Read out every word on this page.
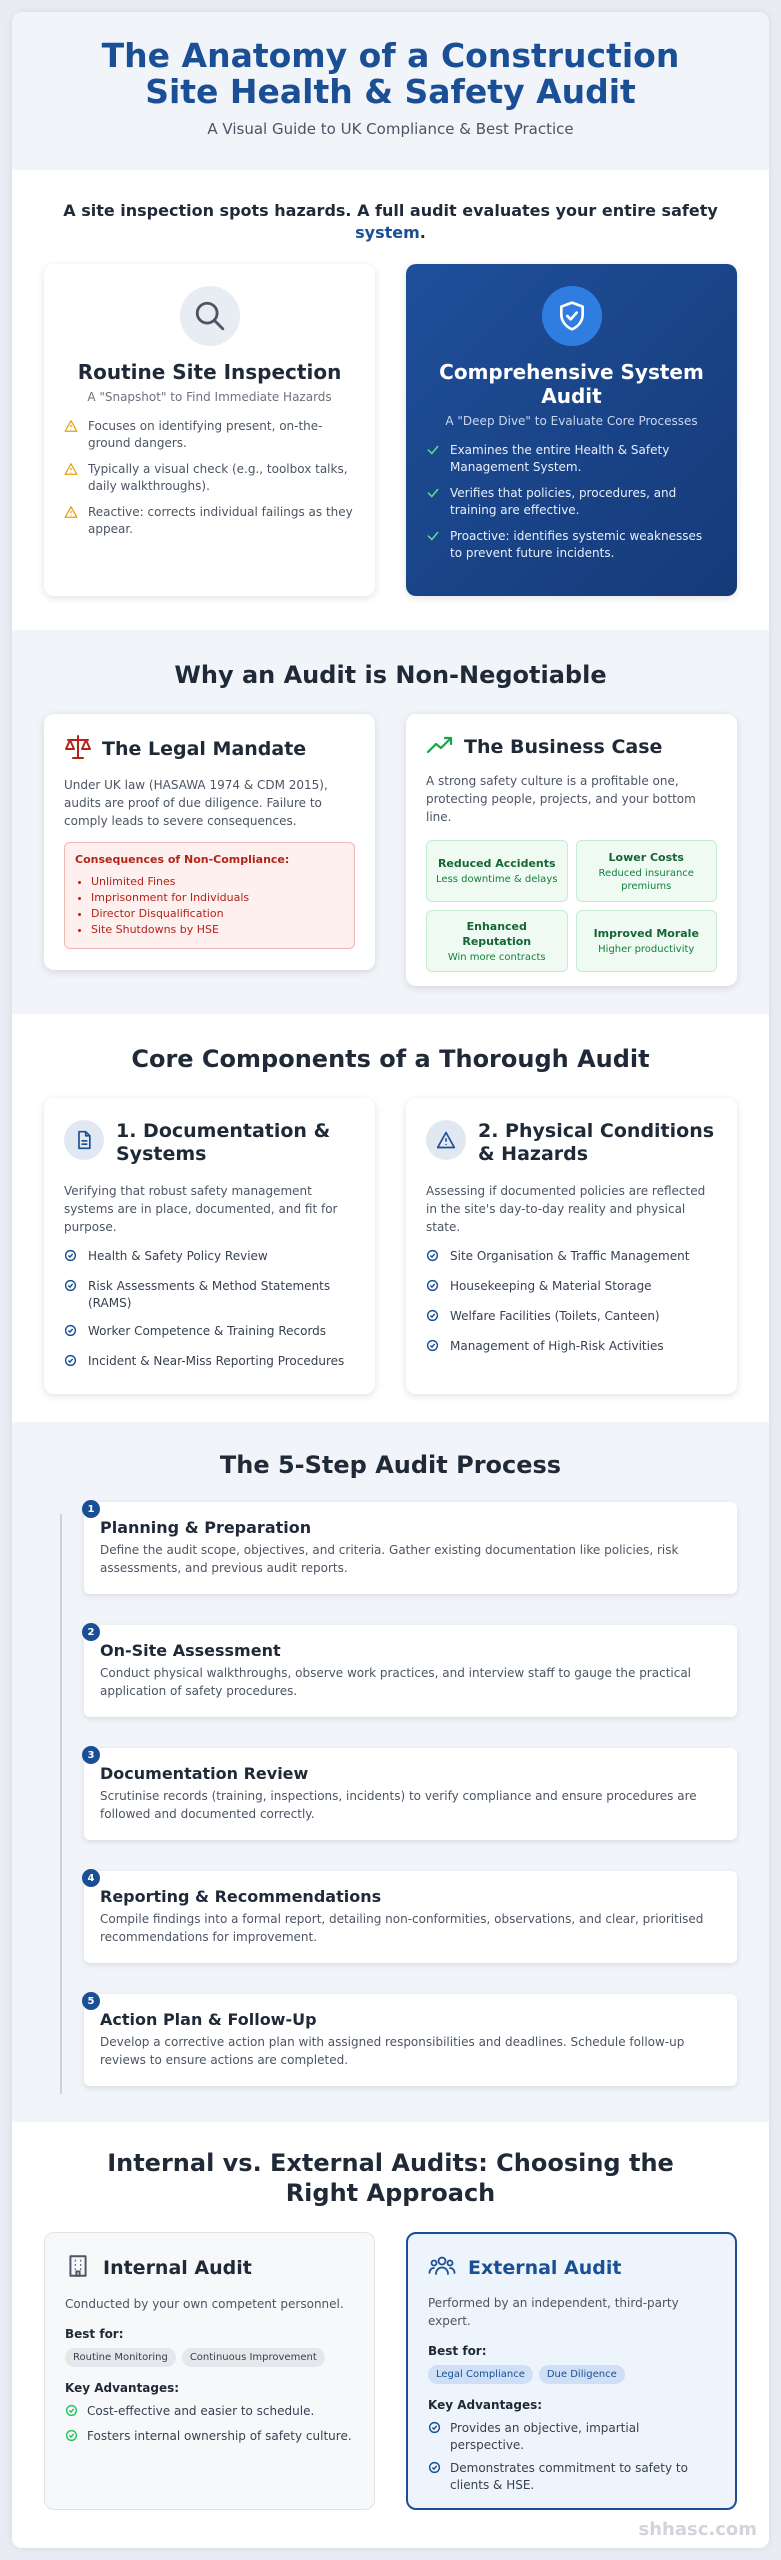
The Anatomy of a Construction Site Health & Safety Audit
A Visual Guide to UK Compliance & Best Practice

A site inspection spots hazards. A full audit evaluates your entire safety system.

Routine Site Inspection
A "Snapshot" to Find Immediate Hazards
Focuses on identifying present, on-the-ground dangers.
Typically a visual check (e.g., toolbox talks, daily walkthroughs).
Reactive: corrects individual failings as they appear.
Comprehensive System Audit
A "Deep Dive" to Evaluate Core Processes
Examines the entire Health & Safety Management System.
Verifies that policies, procedures, and training are effective.
Proactive: identifies systemic weaknesses to prevent future incidents.
Why an Audit is Non-Negotiable
The Legal Mandate

Under UK law (HASAWA 1974 & CDM 2015), audits are proof of due diligence. Failure to comply leads to severe consequences.

Consequences of Non-Compliance:
• Unlimited Fines
• Imprisonment for Individuals
• Director Disqualification
• Site Shutdowns by HSE
The Business Case

A strong safety culture is a profitable one, protecting people, projects, and your bottom line.

Reduced Accidents
Less downtime & delays
Lower Costs
Reduced insurance premiums
Enhanced Reputation
Win more contracts
Improved Morale
Higher productivity
Core Components of a Thorough Audit
1. Documentation & Systems

Verifying that robust safety management systems are in place, documented, and fit for purpose.

Health & Safety Policy Review
Risk Assessments & Method Statements (RAMS)
Worker Competence & Training Records
Incident & Near-Miss Reporting Procedures
2. Physical Conditions & Hazards

Assessing if documented policies are reflected in the site's day-to-day reality and physical state.

Site Organisation & Traffic Management
Housekeeping & Material Storage
Welfare Facilities (Toilets, Canteen)
Management of High-Risk Activities
The 5-Step Audit Process
1
Planning & Preparation
Define the audit scope, objectives, and criteria. Gather existing documentation like policies, risk assessments, and previous audit reports.
2
On-Site Assessment
Conduct physical walkthroughs, observe work practices, and interview staff to gauge the practical application of safety procedures.
3
Documentation Review
Scrutinise records (training, inspections, incidents) to verify compliance and ensure procedures are followed and documented correctly.
4
Reporting & Recommendations
Compile findings into a formal report, detailing non-conformities, observations, and clear, prioritised recommendations for improvement.
5
Action Plan & Follow-Up
Develop a corrective action plan with assigned responsibilities and deadlines. Schedule follow-up reviews to ensure actions are completed.
Internal vs. External Audits: Choosing the Right Approach
Internal Audit

Conducted by your own competent personnel.

Best for:
Routine Monitoring	Continuous Improvement
Key Advantages:
Cost-effective and easier to schedule.
Fosters internal ownership of safety culture.
External Audit

Performed by an independent, third-party expert.

Best for:
Legal Compliance	Due Diligence
Key Advantages:
Provides an objective, impartial perspective.
Demonstrates commitment to safety to clients & HSE.
shhasc.com
